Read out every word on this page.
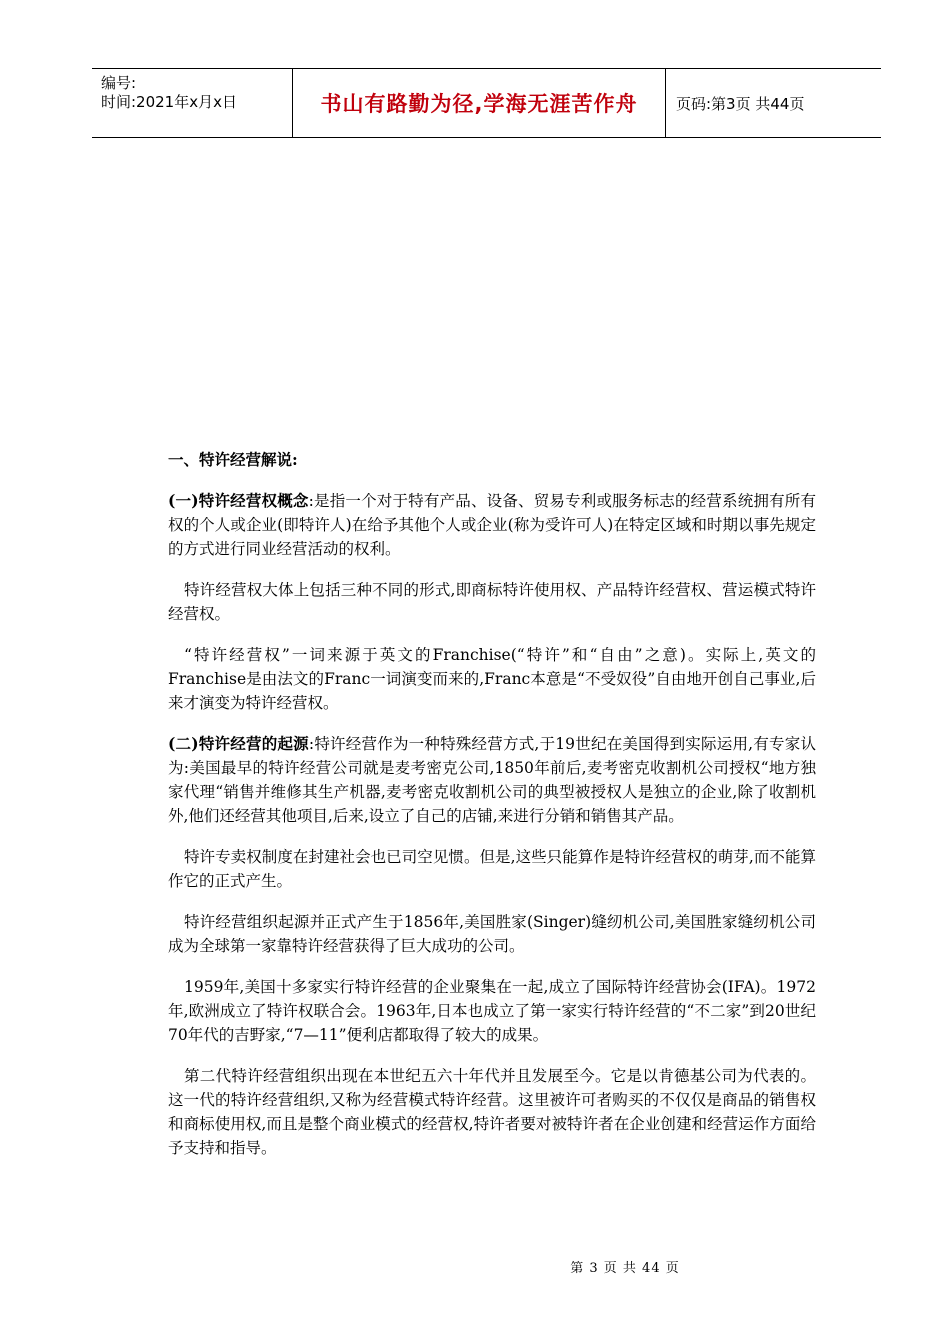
编号:
时间:2021年x月x日	书山有路勤为径,学海无涯苦作舟	页码:第3页 共44页
一、特许经营解说:

(一)特许经营权概念:是指一个对于特有产品、设备、贸易专利或服务标志的经营系统拥有所有权的个人或企业(即特许人)在给予其他个人或企业(称为受许可人)在特定区域和时期以事先规定的方式进行同业经营活动的权利。

特许经营权大体上包括三种不同的形式,即商标特许使用权、产品特许经营权、营运模式特许经营权。

“特许经营权”一词来源于英文的Franchise(“特许”和“自由”之意)。实际上,英文的Franchise是由法文的Franc一词演变而来的,Franc本意是“不受奴役”自由地开创自己事业,后来才演变为特许经营权。

(二)特许经营的起源:特许经营作为一种特殊经营方式,于19世纪在美国得到实际运用,有专家认为:美国最早的特许经营公司就是麦考密克公司,1850年前后,麦考密克收割机公司授权“地方独家代理“销售并维修其生产机器,麦考密克收割机公司的典型被授权人是独立的企业,除了收割机外,他们还经营其他项目,后来,设立了自己的店铺,来进行分销和销售其产品。

特许专卖权制度在封建社会也已司空见惯。但是,这些只能算作是特许经营权的萌芽,而不能算作它的正式产生。

特许经营组织起源并正式产生于1856年,美国胜家(Singer)缝纫机公司,美国胜家缝纫机公司成为全球第一家靠特许经营获得了巨大成功的公司。

1959年,美国十多家实行特许经营的企业聚集在一起,成立了国际特许经营协会(IFA)。1972年,欧洲成立了特许权联合会。1963年,日本也成立了第一家实行特许经营的“不二家”到20世纪70年代的吉野家,“7—11”便利店都取得了较大的成果。

第二代特许经营组织出现在本世纪五六十年代并且发展至今。它是以肯德基公司为代表的。这一代的特许经营组织,又称为经营模式特许经营。这里被许可者购买的不仅仅是商品的销售权和商标使用权,而且是整个商业模式的经营权,特许者要对被特许者在企业创建和经营运作方面给予支持和指导。

第 3 页 共 44 页
